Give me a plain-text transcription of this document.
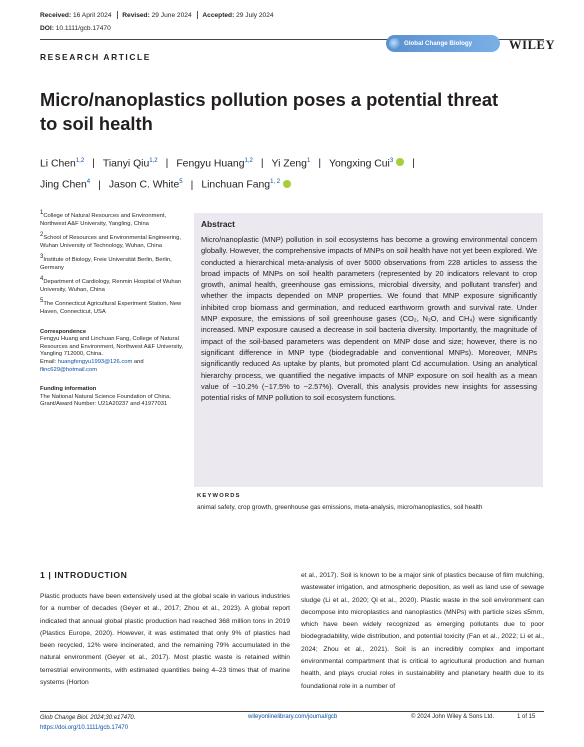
Received:
16 April 2024 Revised:
29 June 2024 Accepted:
29 July 2024
DOI: 10.1111/gcb.17470
RESEARCH ARTICLE
Global Change Biology	WILEY
Micro/nanoplastics pollution poses a potential threat to soil health
Li Chen$^{1,2}$ | Tianyi Qiu$^{1,2}$ | Fengyu Huang$^{1,2}$ | Yi Zeng$^1$ | Yongxing Cui$^3$ |
Jing Chen$^4$ | Jason C. White$^5$ | Linchuan Fang$^{1, 2}$
$^1$College of Natural Resources and Environment, Northwest A&F University, Yangling, China
$^2$School of Resources and Environmental Engineering, Wuhan University of Technology, Wuhan, China
$^3$Institute of Biology, Freie Universität Berlin, Berlin, Germany
$^4$Department of Cardiology, Renmin Hospital of Wuhan University, Wuhan, China
$^5$The Connecticut Agricultural Experiment Station, New Haven, Connecticut, USA
Correspondence
Fengyu Huang and Linchuan Fang, College of Natural Resources and Environment, Northwest A&F University, Yangling 712000, China.
Email: huangfengyu1993@126.com and
flinc629@hotmail.com
Funding information
The National Natural Science Foundation of China, Grant/Award Number: U21A20237 and 41977031
Abstract
Micro/nanoplastic (MNP) pollution in soil ecosystems has become a growing environmental concern globally. However, the comprehensive impacts of MNPs on soil health have not yet been explored. We conducted a hierarchical meta-analysis of over 5000 observations from 228 articles to assess the broad impacts of MNPs on soil health parameters (represented by 20 indicators relevant to crop growth, animal health, greenhouse gas emissions, microbial diversity, and pollutant transfer) and whether the impacts depended on MNP properties. We found that MNP exposure significantly inhibited crop biomass and germination, and reduced earthworm growth and survival rate. Under MNP exposure, the emissions of soil greenhouse gases (CO₂, N₂O, and CH₄) were significantly increased. MNP exposure caused a decrease in soil bacteria diversity. Importantly, the magnitude of impact of the soil-based parameters was dependent on MNP dose and size; however, there is no significant difference in MNP type (biodegradable and conventional MNPs). Moreover, MNPs significantly reduced As uptake by plants, but promoted plant Cd accumulation. Using an analytical hierarchy process, we quantified the negative impacts of MNP exposure on soil health as a mean value of −10.2% (−17.5% to −2.57%). Overall, this analysis provides new insights for assessing potential risks of MNP pollution to soil ecosystem functions.
KEYWORDS
animal safety, crop growth, greenhouse gas emissions, meta-analysis, micro/nanoplastics, soil health
1 | INTRODUCTION
Plastic products have been extensively used at the global scale in various industries for a number of decades (Geyer et al., 2017; Zhou et al., 2023). A global report indicated that annual global plastic production had reached 368 million tons in 2019 (Plastics Europe, 2020). However, it was estimated that only 9% of plastics had been recycled, 12% were incinerated, and the remaining 79% accumulated in the natural environment (Geyer et al., 2017). Most plastic waste is retained within terrestrial environments, with estimated quantities being 4–23 times that of marine systems (Horton
et al., 2017). Soil is known to be a major sink of plastics because of film mulching, wastewater irrigation, and atmospheric deposition, as well as land use of sewage sludge (Li et al., 2020; Qi et al., 2020). Plastic waste in the soil environment can decompose into microplastics and nanoplastics (MNPs) with particle sizes ≤5mm, which have been widely recognized as emerging pollutants due to poor biodegradability, wide distribution, and potential toxicity (Fan et al., 2022; Li et al., 2024; Zhou et al., 2021). Soil is an incredibly complex and important environmental compartment that is critical to agricultural production and human health, and plays crucial roles in sustainability and planetary health due to its foundational role in a number of
Glob Change Biol. 2024;30:e17470.
https://doi.org/10.1111/gcb.17470
wileyonlinelibrary.com/journal/gcb	© 2024 John Wiley & Sons Ltd.	1 of 15
